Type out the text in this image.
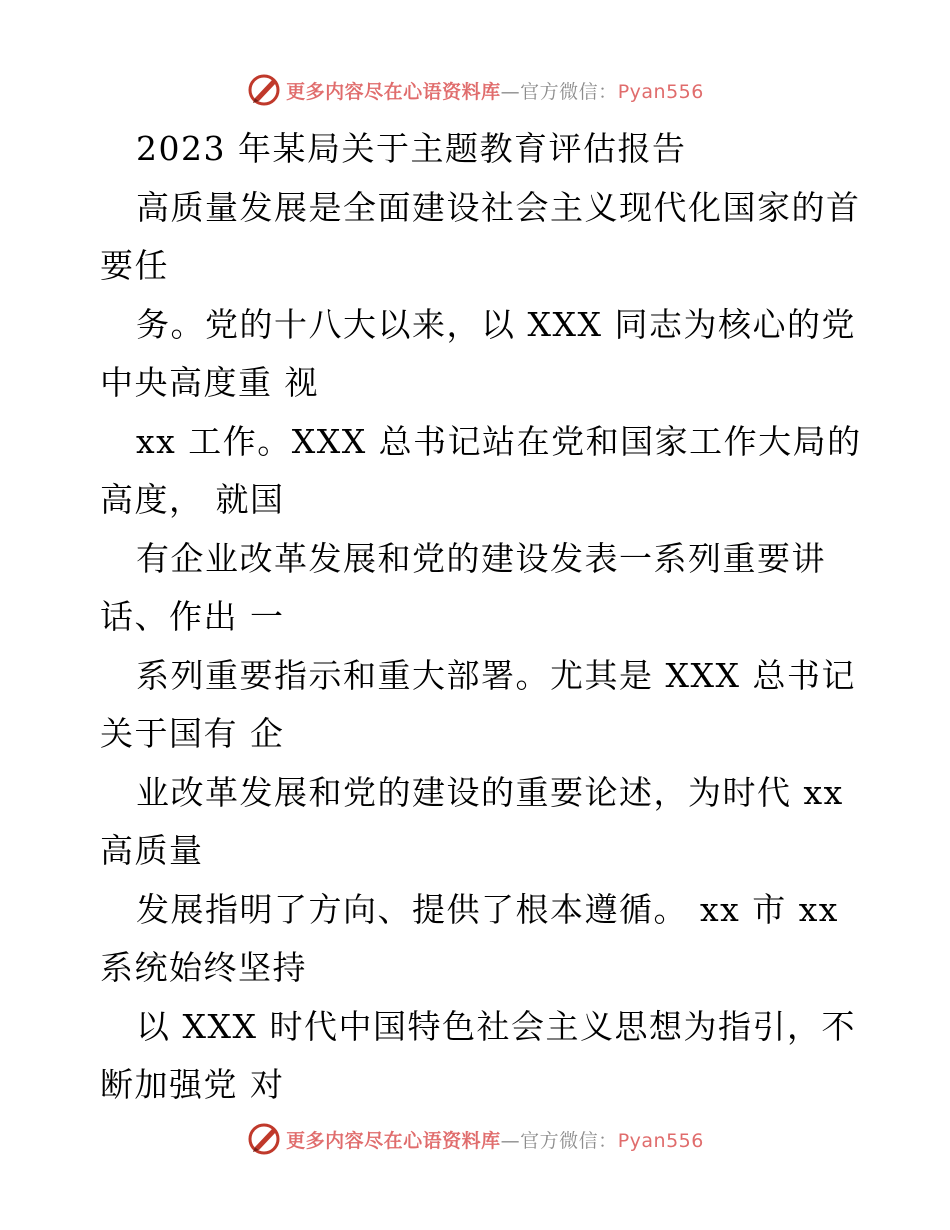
更多内容尽在心语资料库—官方微信：Pyan556
2023 年某局关于主题教育评估报告
高质量发展是全面建设社会主义现代化国家的首
要任
务。党的十八大以来，以 XXX 同志为核心的党
中央高度重 视
xx 工作。XXX 总书记站在党和国家工作大局的
高度， 就国
有企业改革发展和党的建设发表一系列重要讲
话、作出 一
系列重要指示和重大部署。尤其是 XXX 总书记
关于国有 企
业改革发展和党的建设的重要论述，为时代 xx
高质量
发展指明了方向、提供了根本遵循。 xx 市 xx
系统始终坚持
以 XXX 时代中国特色社会主义思想为指引，不
断加强党 对
更多内容尽在心语资料库—官方微信：Pyan556
